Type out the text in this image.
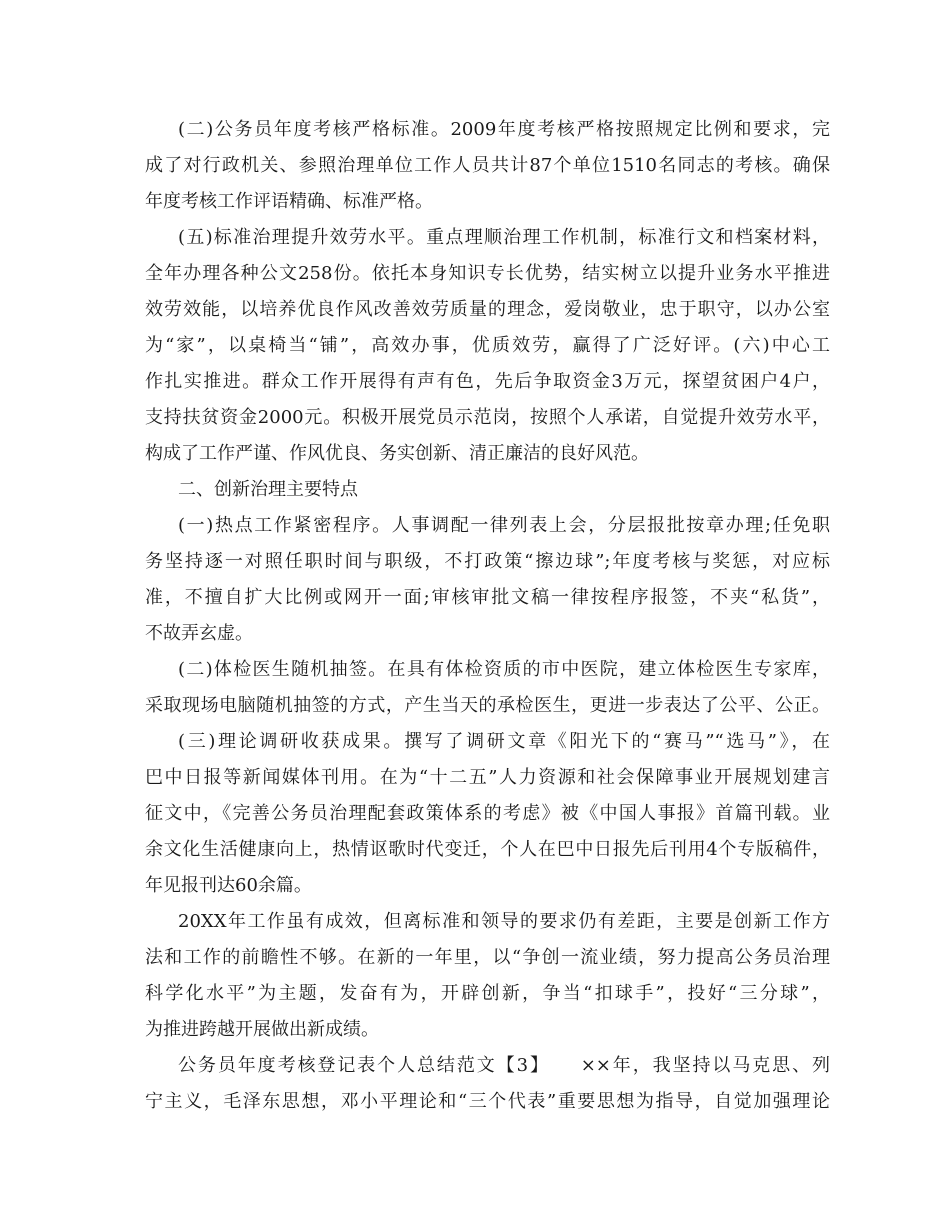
(二)公务员年度考核严格标准。2009年度考核严格按照规定比例和要求，完
成了对行政机关、参照治理单位工作人员共计87个单位1510名同志的考核。确保
年度考核工作评语精确、标准严格。
(五)标准治理提升效劳水平。重点理顺治理工作机制，标准行文和档案材料，
全年办理各种公文258份。依托本身知识专长优势，结实树立以提升业务水平推进
效劳效能，以培养优良作风改善效劳质量的理念，爱岗敬业，忠于职守，以办公室
为“家”，以桌椅当“铺”，高效办事，优质效劳，赢得了广泛好评。(六)中心工
作扎实推进。群众工作开展得有声有色，先后争取资金3万元，探望贫困户4户，
支持扶贫资金2000元。积极开展党员示范岗，按照个人承诺，自觉提升效劳水平，
构成了工作严谨、作风优良、务实创新、清正廉洁的良好风范。
二、创新治理主要特点
(一)热点工作紧密程序。人事调配一律列表上会，分层报批按章办理;任免职
务坚持逐一对照任职时间与职级，不打政策“擦边球”;年度考核与奖惩，对应标
准，不擅自扩大比例或网开一面;审核审批文稿一律按程序报签，不夹“私货”，
不故弄玄虚。
(二)体检医生随机抽签。在具有体检资质的市中医院，建立体检医生专家库，
采取现场电脑随机抽签的方式，产生当天的承检医生，更进一步表达了公平、公正。
(三)理论调研收获成果。撰写了调研文章《阳光下的“赛马”“选马”》，在
巴中日报等新闻媒体刊用。在为“十二五”人力资源和社会保障事业开展规划建言
征文中，《完善公务员治理配套政策体系的考虑》被《中国人事报》首篇刊载。业
余文化生活健康向上，热情讴歌时代变迁，个人在巴中日报先后刊用4个专版稿件，
年见报刊达60余篇。
20XX年工作虽有成效，但离标准和领导的要求仍有差距，主要是创新工作方
法和工作的前瞻性不够。在新的一年里，以“争创一流业绩，努力提高公务员治理
科学化水平”为主题，发奋有为，开辟创新，争当“扣球手”，投好“三分球”，
为推进跨越开展做出新成绩。
公务员年度考核登记表个人总结范文【3】　　××年，我坚持以马克思、列
宁主义，毛泽东思想，邓小平理论和“三个代表”重要思想为指导，自觉加强理论
